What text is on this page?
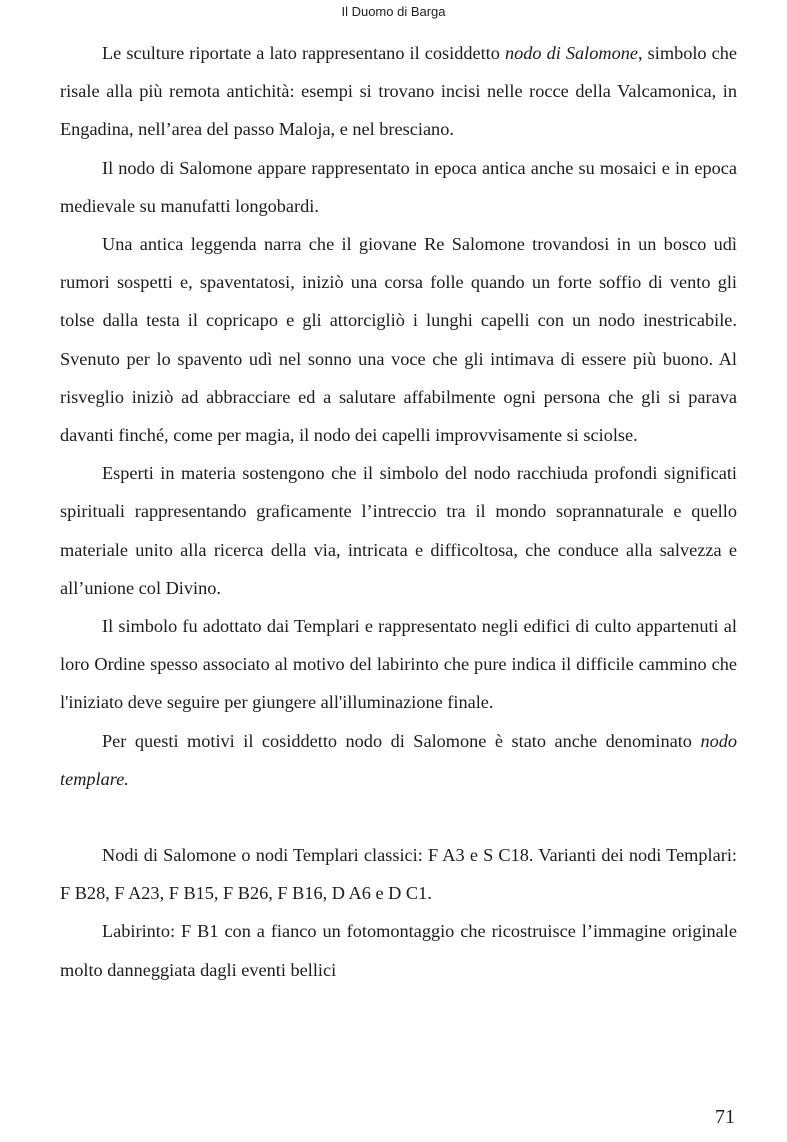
Il Duomo di Barga

Le sculture riportate a lato rappresentano il cosiddetto nodo di Salomone, simbolo che risale alla più remota antichità: esempi si trovano incisi nelle rocce della Valcamonica, in Engadina, nell’area del passo Maloja, e nel bresciano.

Il nodo di Salomone appare rappresentato in epoca antica anche su mosaici e in epoca medievale su manufatti longobardi.

Una antica leggenda narra che il giovane Re Salomone trovandosi in un bosco udì rumori sospetti e, spaventatosi, iniziò una corsa folle quando un forte soffio di vento gli tolse dalla testa il copricapo e gli attorcigliò i lunghi capelli con un nodo inestricabile. Svenuto per lo spavento udì nel sonno una voce che gli intimava di essere più buono. Al risveglio iniziò ad abbracciare ed a salutare affabilmente ogni persona che gli si parava davanti finché, come per magia, il nodo dei capelli improvvisamente si sciolse.

Esperti in materia sostengono che il simbolo del nodo racchiuda profondi significati spirituali rappresentando graficamente l’intreccio tra il mondo soprannaturale e quello materiale unito alla ricerca della via, intricata e difficoltosa, che conduce alla salvezza e all’unione col Divino.

Il simbolo fu adottato dai Templari e rappresentato negli edifici di culto appartenuti al loro Ordine spesso associato al motivo del labirinto che pure indica il difficile cammino che l'iniziato deve seguire per giungere all'illuminazione finale.

Per questi motivi il cosiddetto nodo di Salomone è stato anche denominato nodo templare.

Nodi di Salomone o nodi Templari classici: F A3 e S C18. Varianti dei nodi Templari: F B28, F A23, F B15, F B26, F B16, D A6 e D C1.

Labirinto: F B1 con a fianco un fotomontaggio che ricostruisce l’immagine originale molto danneggiata dagli eventi bellici

71
